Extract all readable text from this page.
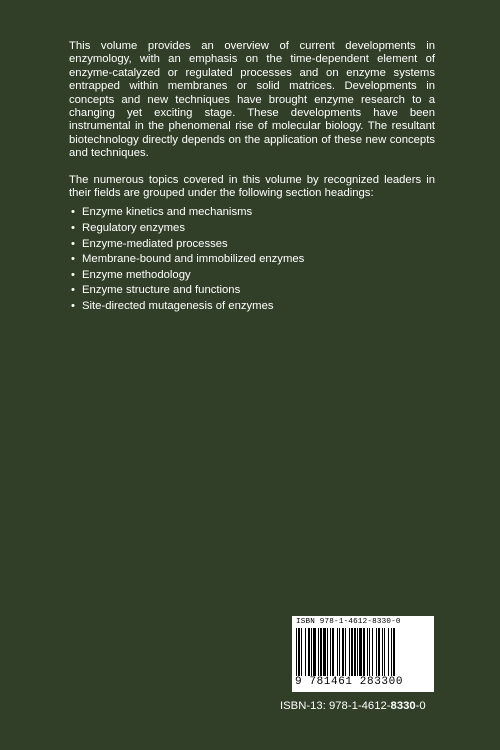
This volume provides an overview of current developments in enzymology, with an emphasis on the time-dependent element of enzyme-catalyzed or regulated processes and on enzyme systems entrapped within membranes or solid matrices. Developments in concepts and new techniques have brought enzyme research to a changing yet exciting stage. These developments have been instrumental in the phenomenal rise of molecular biology. The resultant biotechnology directly depends on the application of these new concepts and techniques.

The numerous topics covered in this volume by recognized leaders in their fields are grouped under the following section headings:

• Enzyme kinetics and mechanisms
• Regulatory enzymes
• Enzyme-mediated processes
• Membrane-bound and immobilized enzymes
• Enzyme methodology
• Enzyme structure and functions
• Site-directed mutagenesis of enzymes
ISBN 978-1-4612-8330-0
9 781461 283300
ISBN-13: 978-1-4612-8330-0
